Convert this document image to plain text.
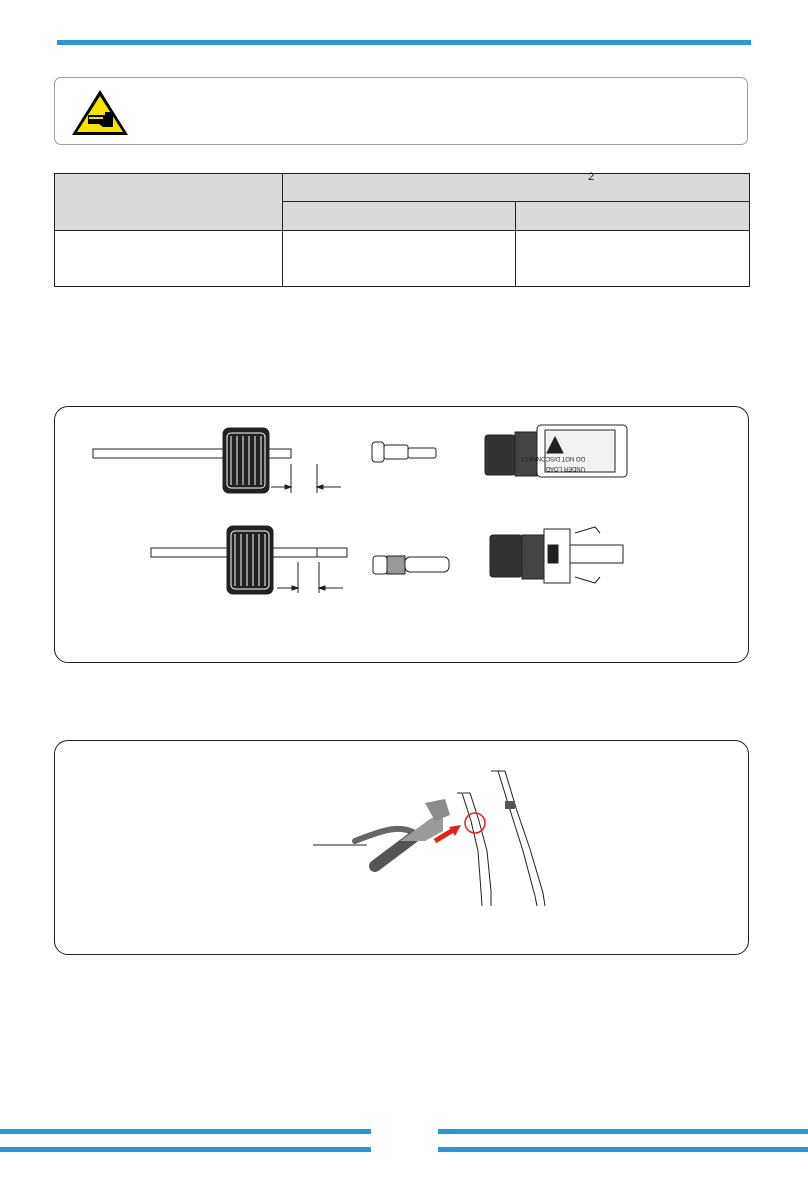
	2	

DO NOT DISCONNECT
UNDER LOAD
